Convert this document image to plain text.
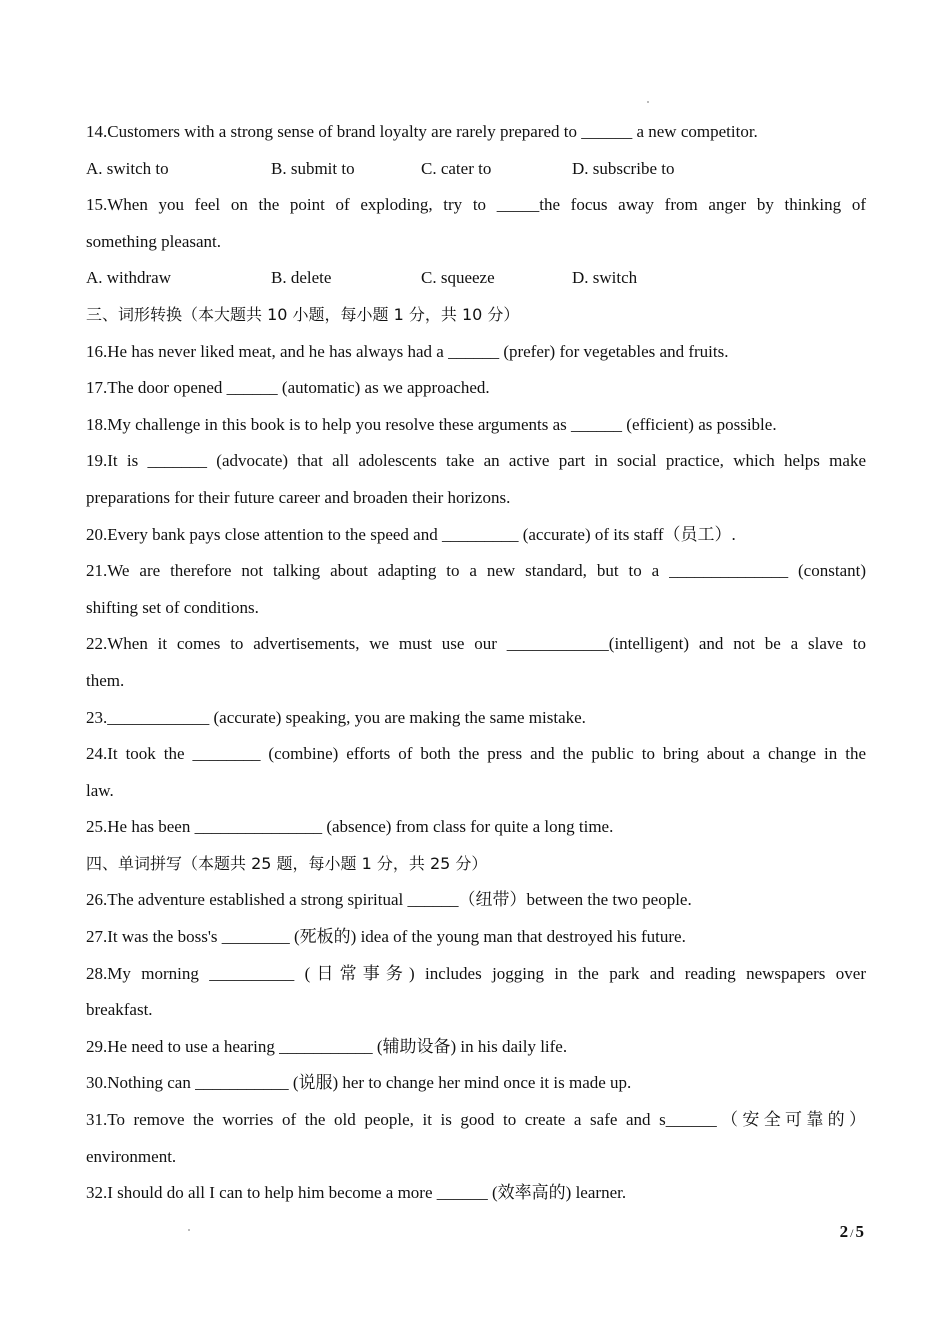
14.Customers with a strong sense of brand loyalty are rarely prepared to ______ a new competitor.
A. switch to	B. submit to	C. cater to	D. subscribe to
15.When you feel on the point of exploding, try to _____the focus away from anger by thinking of
something pleasant.
A. withdraw	B. delete	C. squeeze	D. switch
三、词形转换（本大题共 10 小题，每小题 1 分，共 10 分）
16.He has never liked meat, and he has always had a ______ (prefer) for vegetables and fruits.
17.The door opened ______ (automatic) as we approached.
18.My challenge in this book is to help you resolve these arguments as ______ (efficient) as possible.
19.It is _______ (advocate) that all adolescents take an active part in social practice, which helps make
preparations for their future career and broaden their horizons.
20.Every bank pays close attention to the speed and _________ (accurate) of its staff（员工）.
21.We are therefore not talking about adapting to a new standard, but to a ______________ (constant)
shifting set of conditions.
22.When it comes to advertisements, we must use our ____________(intelligent) and not be a slave to
them.
23.____________ (accurate) speaking, you are making the same mistake.
24.It took the ________ (combine) efforts of both the press and the public to bring about a change in the
law.
25.He has been _______________ (absence) from class for quite a long time.
四、单词拼写（本题共 25 题，每小题 1 分，共 25 分）
26.The adventure established a strong spiritual ______（纽带）between the two people.
27.It was the boss's ________ (死板的) idea of the young man that destroyed his future.
28.My morning __________ (日常事务) includes jogging in the park and reading newspapers over
breakfast.
29.He need to use a hearing ___________ (辅助设备) in his daily life.
30.Nothing can ___________ (说服) her to change her mind once it is made up.
31.To remove the worries of the old people, it is good to create a safe and s______（安全可靠的）
environment.
32.I should do all I can to help him become a more ______ (效率高的) learner.
2 / 5
